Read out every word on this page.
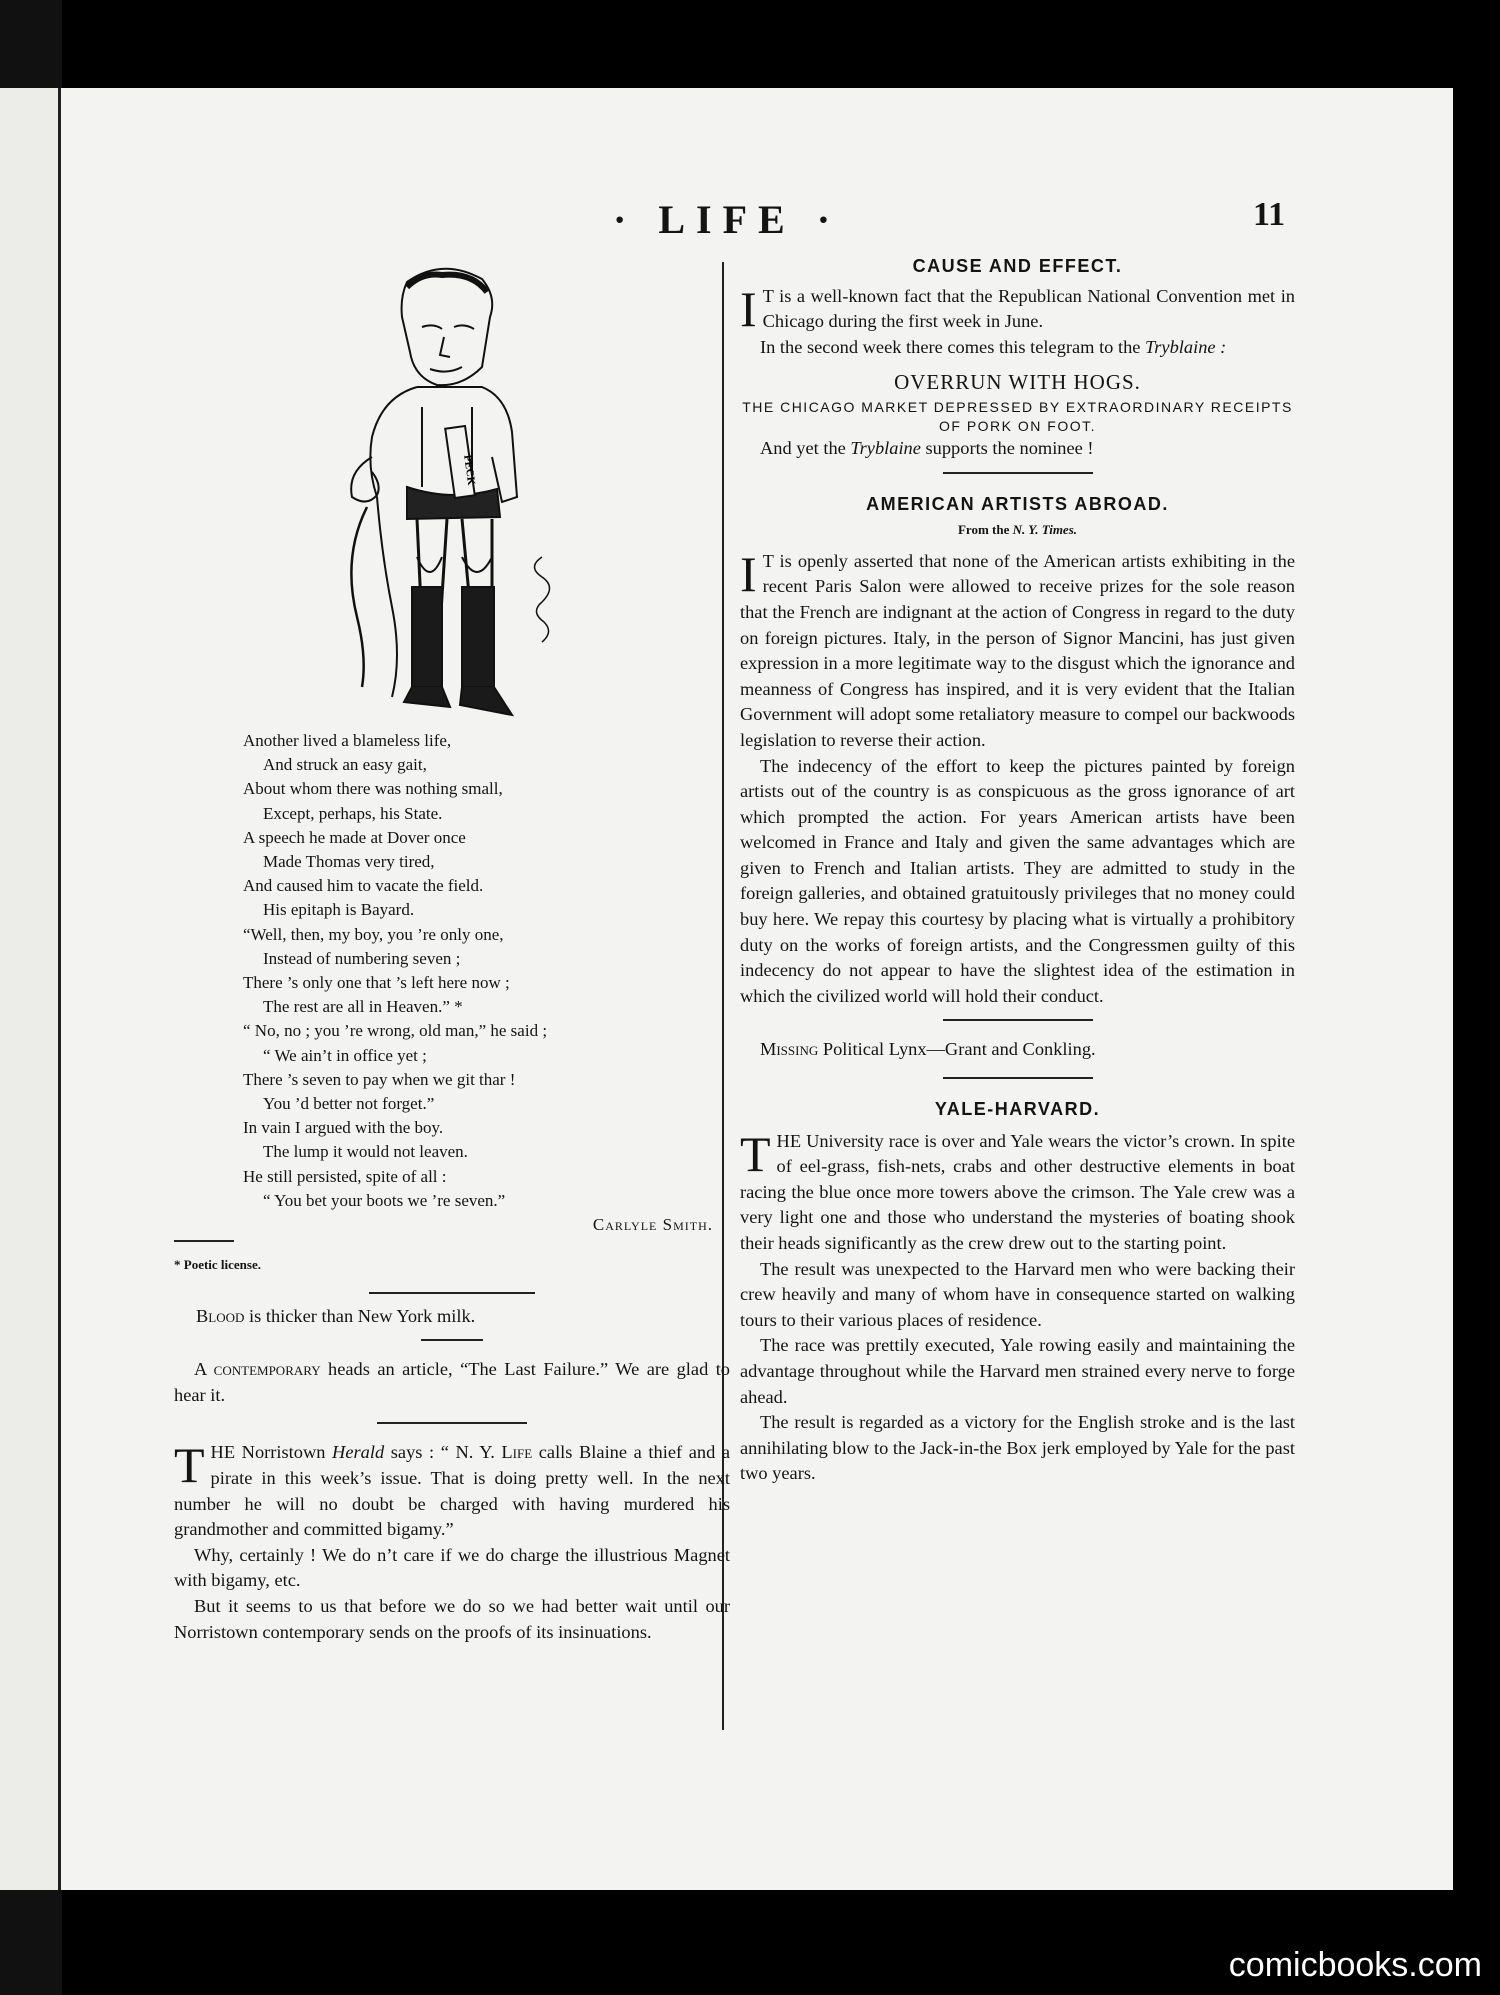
· LIFE ·	11
PECK
Another lived a blameless life,
And struck an easy gait,
About whom there was nothing small,
Except, perhaps, his State.
A speech he made at Dover once
Made Thomas very tired,
And caused him to vacate the field.
His epitaph is Bayard.
“Well, then, my boy, you ’re only one,
Instead of numbering seven ;
There ’s only one that ’s left here now ;
The rest are all in Heaven.” *
“ No, no ; you ’re wrong, old man,” he said ;
“ We ain’t in office yet ;
There ’s seven to pay when we git thar !
You ’d better not forget.”
In vain I argued with the boy.
The lump it would not leaven.
He still persisted, spite of all :
“ You bet your boots we ’re seven.”
Carlyle Smith.
* Poetic license.

Blood is thicker than New York milk.

A contemporary heads an article, “The Last Failure.” We are glad to hear it.

THE Norristown Herald says : “ N. Y. Life calls Blaine a thief and a pirate in this week’s issue. That is doing pretty well. In the next number he will no doubt be charged with having murdered his grandmother and committed bigamy.”

Why, certainly ! We do n’t care if we do charge the illustrious Magnet with bigamy, etc.

But it seems to us that before we do so we had better wait until our Norristown contemporary sends on the proofs of its insinuations.

CAUSE AND EFFECT.

I T is a well-known fact that the Republican National Convention met in Chicago during the first week in June.

In the second week there comes this telegram to the Tryblaine :

OVERRUN WITH HOGS.
THE CHICAGO MARKET DEPRESSED BY EXTRAORDINARY RECEIPTS OF PORK ON FOOT.

And yet the Tryblaine supports the nominee !

AMERICAN ARTISTS ABROAD.

From the N. Y. Times.

I T is openly asserted that none of the American artists exhibiting in the recent Paris Salon were allowed to receive prizes for the sole reason that the French are indignant at the action of Congress in regard to the duty on foreign pictures. Italy, in the person of Signor Mancini, has just given expression in a more legitimate way to the disgust which the ignorance and meanness of Congress has inspired, and it is very evident that the Italian Government will adopt some retaliatory measure to compel our backwoods legislation to reverse their action.

The indecency of the effort to keep the pictures painted by foreign artists out of the country is as conspicuous as the gross ignorance of art which prompted the action. For years American artists have been welcomed in France and Italy and given the same advantages which are given to French and Italian artists. They are admitted to study in the foreign galleries, and obtained gratuitously privileges that no money could buy here. We repay this courtesy by placing what is virtually a prohibitory duty on the works of foreign artists, and the Congressmen guilty of this indecency do not appear to have the slightest idea of the estimation in which the civilized world will hold their conduct.

Missing Political Lynx—Grant and Conkling.

YALE-HARVARD.

THE University race is over and Yale wears the victor’s crown. In spite of eel-grass, fish-nets, crabs and other destructive elements in boat racing the blue once more towers above the crimson. The Yale crew was a very light one and those who understand the mysteries of boating shook their heads significantly as the crew drew out to the starting point.

The result was unexpected to the Harvard men who were backing their crew heavily and many of whom have in consequence started on walking tours to their various places of residence.

The race was prettily executed, Yale rowing easily and maintaining the advantage throughout while the Harvard men strained every nerve to forge ahead.

The result is regarded as a victory for the English stroke and is the last annihilating blow to the Jack-in-the Box jerk employed by Yale for the past two years.

comicbooks.com
